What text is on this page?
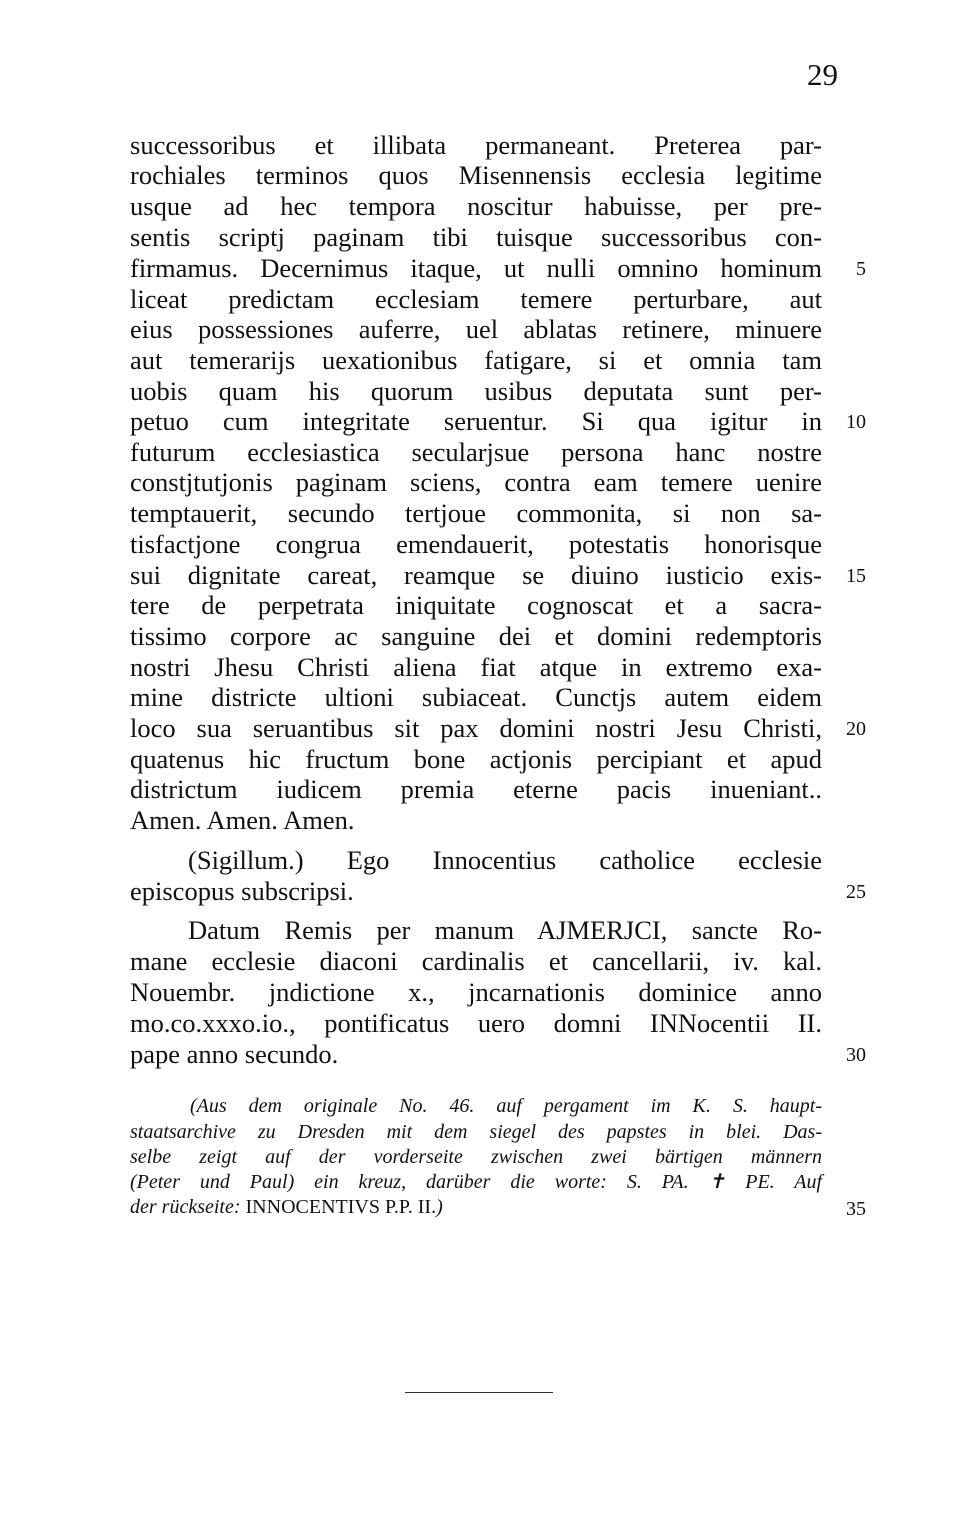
29
successoribus et illibata permaneant. Preterea par-
rochiales terminos quos Misennensis ecclesia legitime
usque ad hec tempora noscitur habuisse, per pre-
sentis scriptj paginam tibi tuisque successoribus con-
firmamus. Decernimus itaque, ut nulli omnino hominum
liceat predictam ecclesiam temere perturbare, aut
eius possessiones auferre, uel ablatas retinere, minuere
aut temerarijs uexationibus fatigare, si et omnia tam
uobis quam his quorum usibus deputata sunt per-
petuo cum integritate seruentur. Si qua igitur in
futurum ecclesiastica secularjsue persona hanc nostre
constjtutjonis paginam sciens, contra eam temere uenire
temptauerit, secundo tertjoue commonita, si non sa-
tisfactjone congrua emendauerit, potestatis honorisque
sui dignitate careat, reamque se diuino iusticio exis-
tere de perpetrata iniquitate cognoscat et a sacra-
tissimo corpore ac sanguine dei et domini redemptoris
nostri Jhesu Christi aliena fiat atque in extremo exa-
mine districte ultioni subiaceat. Cunctjs autem eidem
loco sua seruantibus sit pax domini nostri Jesu Christi,
quatenus hic fructum bone actjonis percipiant et apud
districtum iudicem premia eterne pacis inueniant..
Amen. Amen. Amen.
(Sigillum.) Ego Innocentius catholice ecclesie
episcopus subscripsi.
Datum Remis per manum AJMERJCI, sancte Ro-
mane ecclesie diaconi cardinalis et cancellarii, iv. kal.
Nouembr. jndictione x., jncarnationis dominice anno
mo.co.xxxo.io., pontificatus uero domni INNocentii II.
pape anno secundo.
(Aus dem originale No. 46. auf pergament im K. S. haupt-
staatsarchive zu Dresden mit dem siegel des papstes in blei. Das-
selbe zeigt auf der vorderseite zwischen zwei bärtigen männern
(Peter und Paul) ein kreuz, darüber die worte: S. PA. ✝ PE. Auf
der rückseite: INNOCENTIVS P.P. II.)
5
10
15
20
25
30
35
